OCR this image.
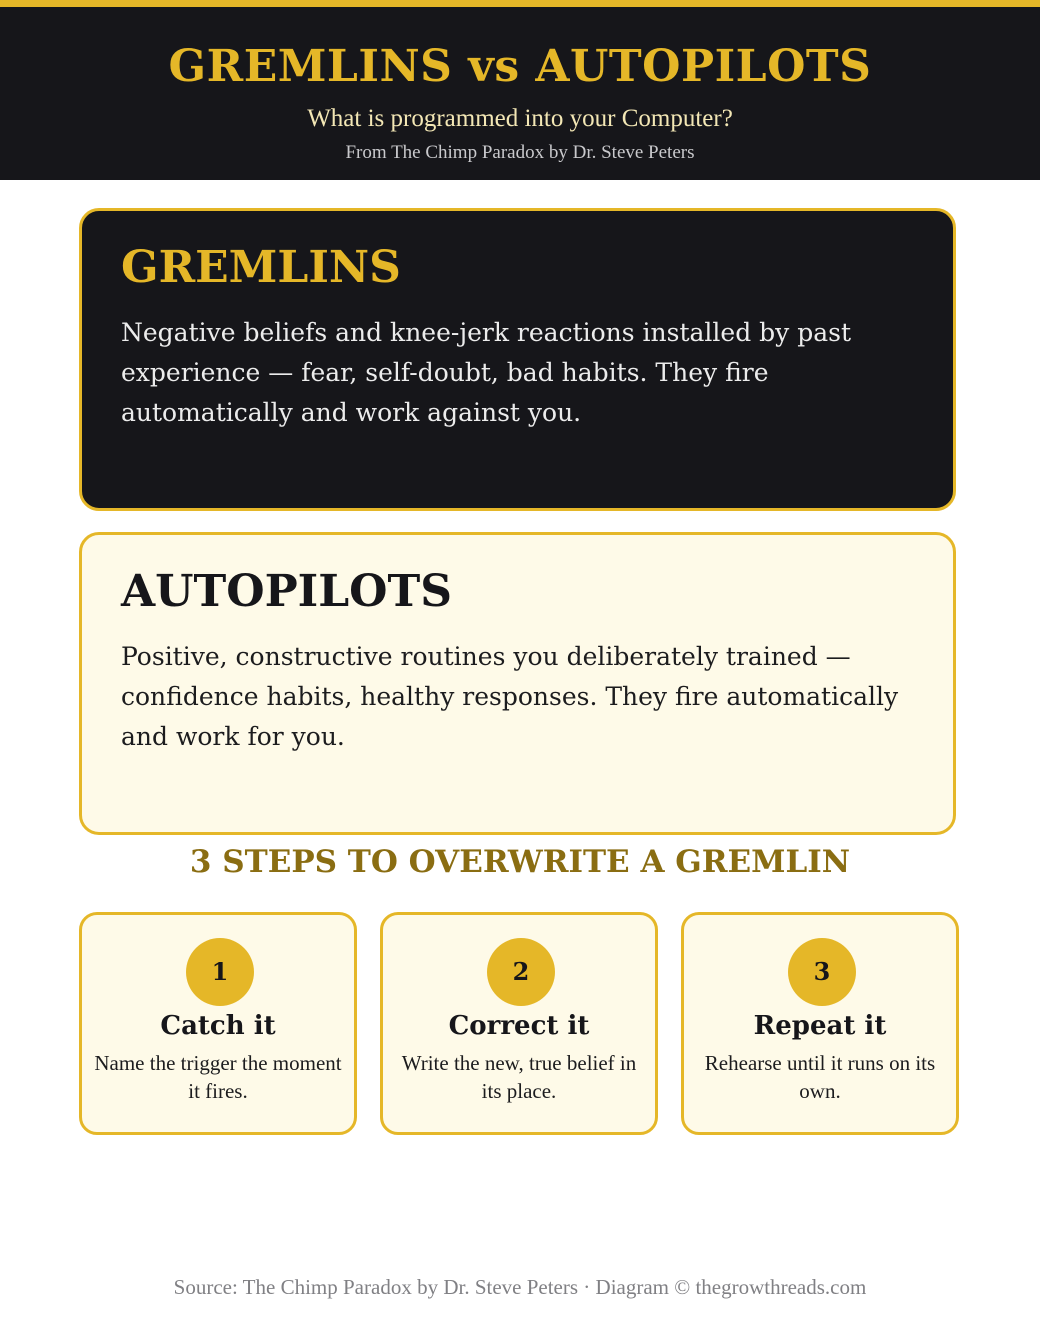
GREMLINS vs AUTOPILOTS
What is programmed into your Computer?
From The Chimp Paradox by Dr. Steve Peters
GREMLINS

Negative beliefs and knee-jerk reactions installed by past experience — fear, self-doubt, bad habits. They fire automatically and work against you.

AUTOPILOTS

Positive, constructive routines you deliberately trained — confidence habits, healthy responses. They fire automatically and work for you.

3 STEPS TO OVERWRITE A GREMLIN
1
Catch it
Name the trigger the moment it fires.
2
Correct it
Write the new, true belief in its place.
3
Repeat it
Rehearse until it runs on its own.
Source: The Chimp Paradox by Dr. Steve Peters · Diagram © thegrowthreads.com
